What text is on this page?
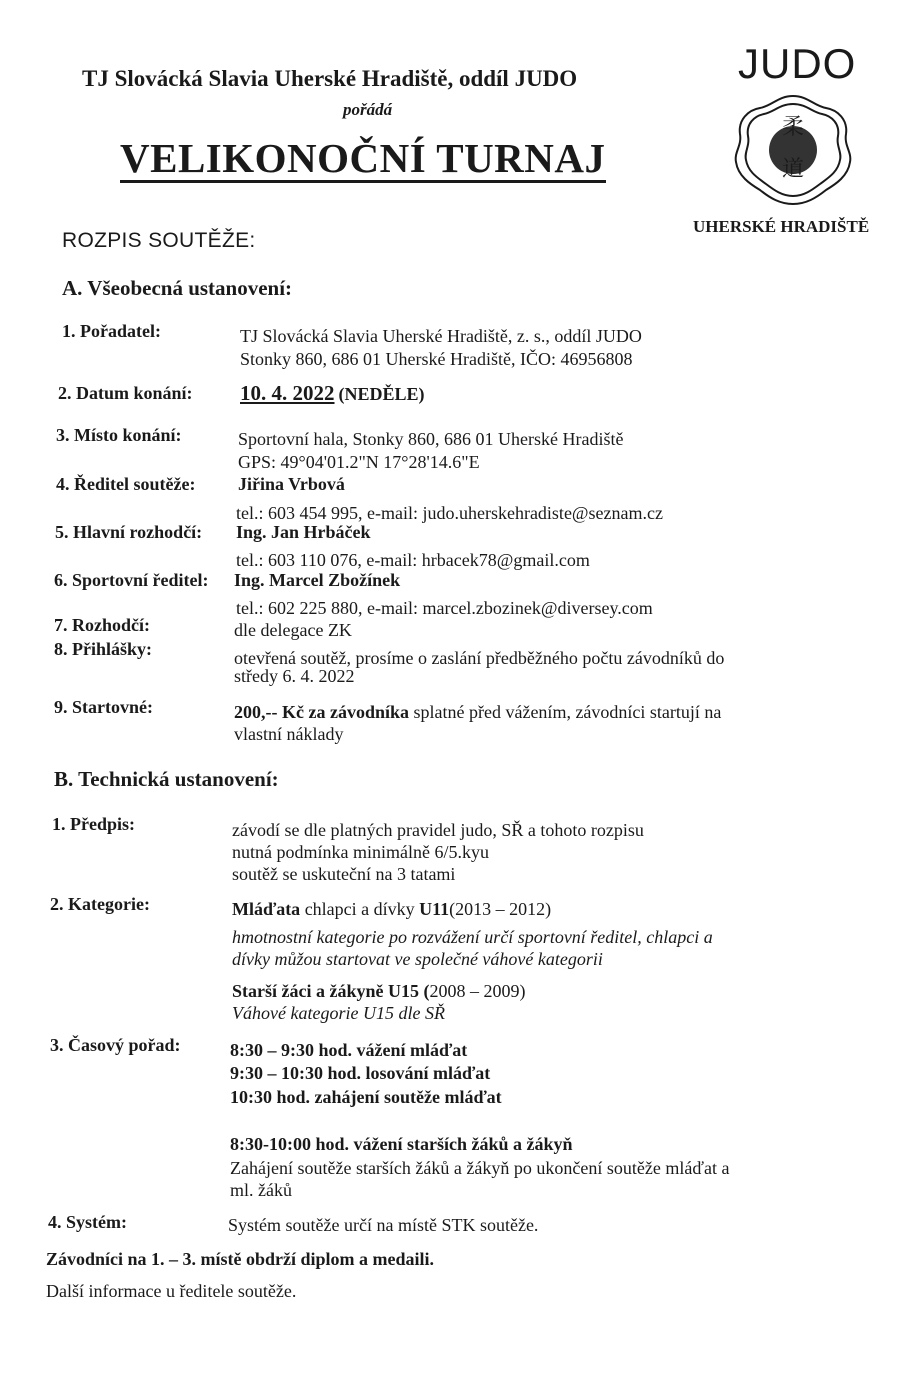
TJ Slovácká Slavia Uherské Hradiště, oddíl JUDO
pořádá
VELIKONOČNÍ TURNAJ
JUDO
柔
道
UHERSKÉ HRADIŠTĚ
ROZPIS SOUTĚŽE:
A. Všeobecná ustanovení:
1. Pořadatel:	TJ Slovácká Slavia Uherské Hradiště, z. s., oddíl JUDO
Stonky 860, 686 01 Uherské Hradiště, IČO: 46956808
2. Datum konání: 10. 4. 2022 (NEDĚLE)
3. Místo konání:	Sportovní hala, Stonky 860, 686 01 Uherské Hradiště
GPS: 49°04'01.2"N 17°28'14.6"E
4. Ředitel soutěže: Jiřina Vrbová
tel.: 603 454 995, e-mail: judo.uherskehradiste@seznam.cz
5. Hlavní rozhodčí: Ing. Jan Hrbáček
tel.: 603 110 076, e-mail: hrbacek78@gmail.com
6. Sportovní ředitel: Ing. Marcel Zbožínek
tel.: 602 225 880, e-mail: marcel.zbozinek@diversey.com
7. Rozhodčí:	dle delegace ZK
8. Přihlášky:	otevřená soutěž, prosíme o zaslání předběžného počtu závodníků do
středy 6. 4. 2022
9. Startovné:	200,-- Kč za závodníka splatné před vážením, závodníci startují na
vlastní náklady
B. Technická ustanovení:
1. Předpis:	závodí se dle platných pravidel judo, SŘ a tohoto rozpisu
nutná podmínka minimálně 6/5.kyu
soutěž se uskuteční na 3 tatami
2. Kategorie:	Mláďata chlapci a dívky U11(2013 – 2012)
hmotnostní kategorie po rozvážení určí sportovní ředitel, chlapci a
dívky můžou startovat ve společné váhové kategorii
Starší žáci a žákyně U15 (2008 – 2009)
Váhové kategorie U15 dle SŘ
3. Časový pořad:	8:30 – 9:30 hod. vážení mláďat
9:30 – 10:30 hod. losování mláďat
10:30 hod. zahájení soutěže mláďat
8:30-10:00 hod. vážení starších žáků a žákyň
Zahájení soutěže starších žáků a žákyň po ukončení soutěže mláďat a
ml. žáků
4. Systém:	Systém soutěže určí na místě STK soutěže.
Závodníci na 1. – 3. místě obdrží diplom a medaili.
Další informace u ředitele soutěže.
